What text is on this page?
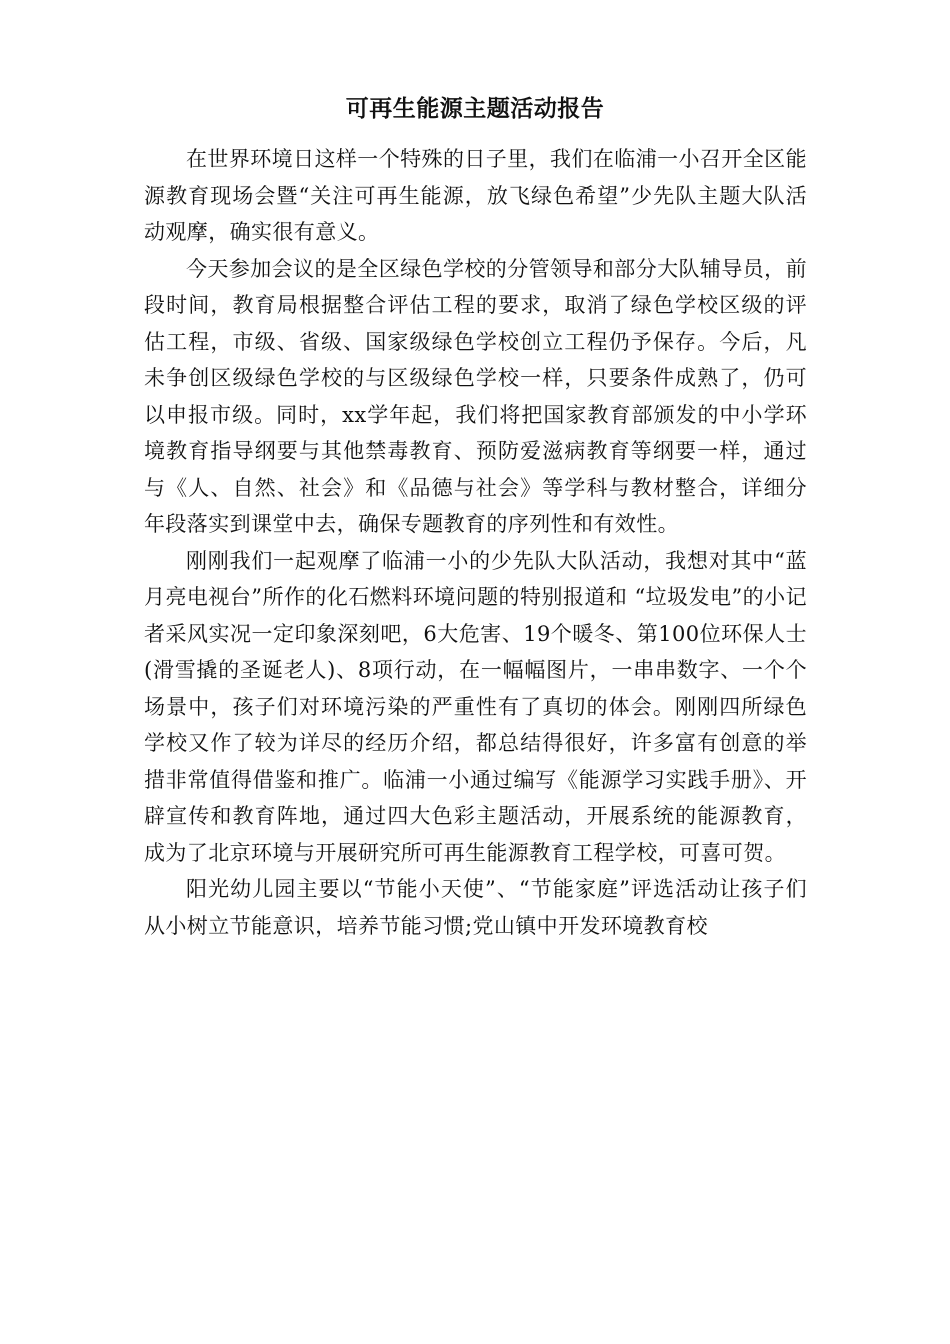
可再生能源主题活动报告

在世界环境日这样一个特殊的日子里，我们在临浦一小召开全区能源教育现场会暨“关注可再生能源，放飞绿色希望”少先队主题大队活动观摩，确实很有意义。

今天参加会议的是全区绿色学校的分管领导和部分大队辅导员，前段时间，教育局根据整合评估工程的要求，取消了绿色学校区级的评估工程，市级、省级、国家级绿色学校创立工程仍予保存。今后，凡未争创区级绿色学校的与区级绿色学校一样，只要条件成熟了，仍可以申报市级。同时，xx学年起，我们将把国家教育部颁发的中小学环境教育指导纲要与其他禁毒教育、预防爱滋病教育等纲要一样，通过与《人、自然、社会》和《品德与社会》等学科与教材整合，详细分年段落实到课堂中去，确保专题教育的序列性和有效性。

刚刚我们一起观摩了临浦一小的少先队大队活动，我想对其中“蓝月亮电视台”所作的化石燃料环境问题的特别报道和 “垃圾发电”的小记者采风实况一定印象深刻吧，6大危害、19个暖冬、第100位环保人士(滑雪撬的圣诞老人)、8项行动，在一幅幅图片，一串串数字、一个个场景中，孩子们对环境污染的严重性有了真切的体会。刚刚四所绿色学校又作了较为详尽的经历介绍，都总结得很好，许多富有创意的举措非常值得借鉴和推广。临浦一小通过编写《能源学习实践手册》、开辟宣传和教育阵地，通过四大色彩主题活动，开展系统的能源教育，成为了北京环境与开展研究所可再生能源教育工程学校，可喜可贺。

阳光幼儿园主要以“节能小天使”、“节能家庭”评选活动让孩子们从小树立节能意识，培养节能习惯;党山镇中开发环境教育校
